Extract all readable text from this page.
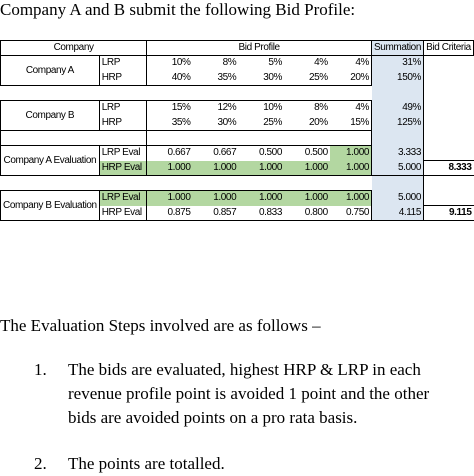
Company A and B submit the following Bid Profile:
Company		Bid Profile					Summation	Bid Criteria
Company A	LRP	10%	8%	5%	4%	4%	31%	
	HRP	40%	35%	30%	25%	20%	150%	

Company B	LRP	15%	12%	10%	8%	4%	49%	
	HRP	35%	30%	25%	20%	15%	125%	

Company A Evaluation	LRP Eval	0.667	0.667	0.500	0.500	1.000	3.333	
	HRP Eval	1.000	1.000	1.000	1.000	1.000	5.000	8.333

Company B Evaluation	LRP Eval	1.000	1.000	1.000	1.000	1.000	5.000	
	HRP Eval	0.875	0.857	0.833	0.800	0.750	4.115	9.115
The Evaluation Steps involved are as follows –
1. The bids are evaluated, highest HRP & LRP in each
revenue profile point is avoided 1 point and the other
bids are avoided points on a pro rata basis.
2. The points are totalled.
